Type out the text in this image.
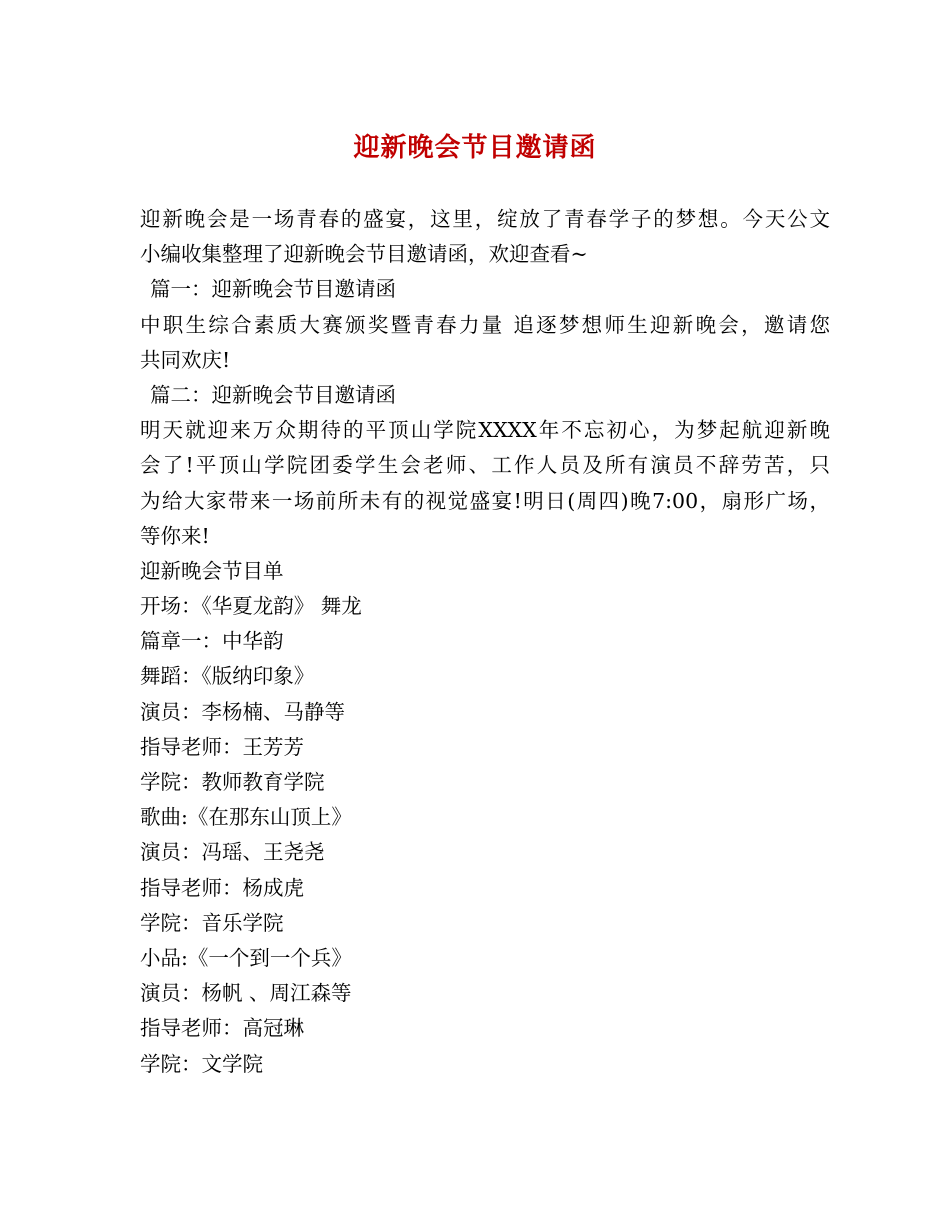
迎新晚会节目邀请函
迎新晚会是一场青春的盛宴，这里，绽放了青春学子的梦想。今天公文
小编收集整理了迎新晚会节目邀请函，欢迎查看~
篇一：迎新晚会节目邀请函
中职生综合素质大赛颁奖暨青春力量 追逐梦想师生迎新晚会，邀请您
共同欢庆!
篇二：迎新晚会节目邀请函
明天就迎来万众期待的平顶山学院XXXX年不忘初心，为梦起航迎新晚
会了!平顶山学院团委学生会老师、工作人员及所有演员不辞劳苦，只
为给大家带来一场前所未有的视觉盛宴!明日(周四)晚7:00，扇形广场，
等你来!
迎新晚会节目单
开场：《华夏龙韵》 舞龙
篇章一：中华韵
舞蹈：《版纳印象》
演员：李杨楠、马静等
指导老师：王芳芳
学院：教师教育学院
歌曲:《在那东山顶上》
演员：冯瑶、王尧尧
指导老师：杨成虎
学院：音乐学院
小品:《一个到一个兵》
演员：杨帆 、周江森等
指导老师：高冠琳
学院：文学院
